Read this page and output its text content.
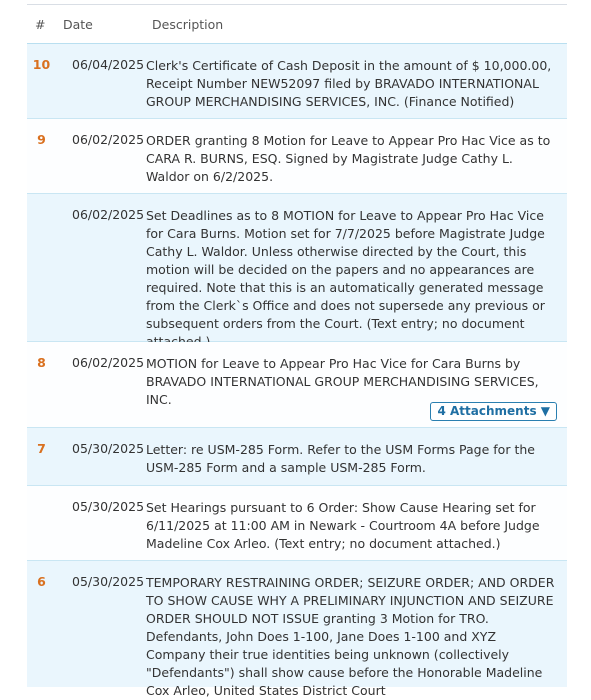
# Date	Description
10	06/04/2025 Clerk's Certificate of Cash Deposit in the amount of $ 10,000.00, Receipt Number NEW52097 filed by BRAVADO INTERNATIONAL GROUP MERCHANDISING SERVICES, INC. (Finance Notified)
9	06/02/2025 ORDER granting 8 Motion for Leave to Appear Pro Hac Vice as to CARA R. BURNS, ESQ. Signed by Magistrate Judge Cathy L. Waldor on 6/2/2025.
06/02/2025 Set Deadlines as to 8 MOTION for Leave to Appear Pro Hac Vice for Cara Burns. Motion set for 7/7/2025 before Magistrate Judge Cathy L. Waldor. Unless otherwise directed by the Court, this motion will be decided on the papers and no appearances are required. Note that this is an automatically generated message from the Clerk`s Office and does not supersede any previous or subsequent orders from the Court. (Text entry; no document
8	06/02/2025 MOTION for Leave to Appear Pro Hac Vice for Cara Burns by BRAVADO INTERNATIONAL GROUP MERCHANDISING SERVICES, INC.
4 Attachments ▼
7	05/30/2025 Letter: re USM-285 Form. Refer to the USM Forms Page for the USM-285 Form and a sample USM-285 Form.
05/30/2025 Set Hearings pursuant to 6 Order: Show Cause Hearing set for 6/11/2025 at 11:00 AM in Newark - Courtroom 4A before Judge Madeline Cox Arleo. (Text entry; no document attached.)
6	05/30/2025 TEMPORARY RESTRAINING ORDER; SEIZURE ORDER; AND ORDER TO SHOW CAUSE WHY A PRELIMINARY INJUNCTION AND SEIZURE ORDER SHOULD NOT ISSUE granting 3 Motion for TRO. Defendants, John Does 1-100, Jane Does 1-100 and XYZ Company their true identities being unknown (collectively "Defendants") shall show cause before the Honorable Madeline Cox Arleo, United States District Court
